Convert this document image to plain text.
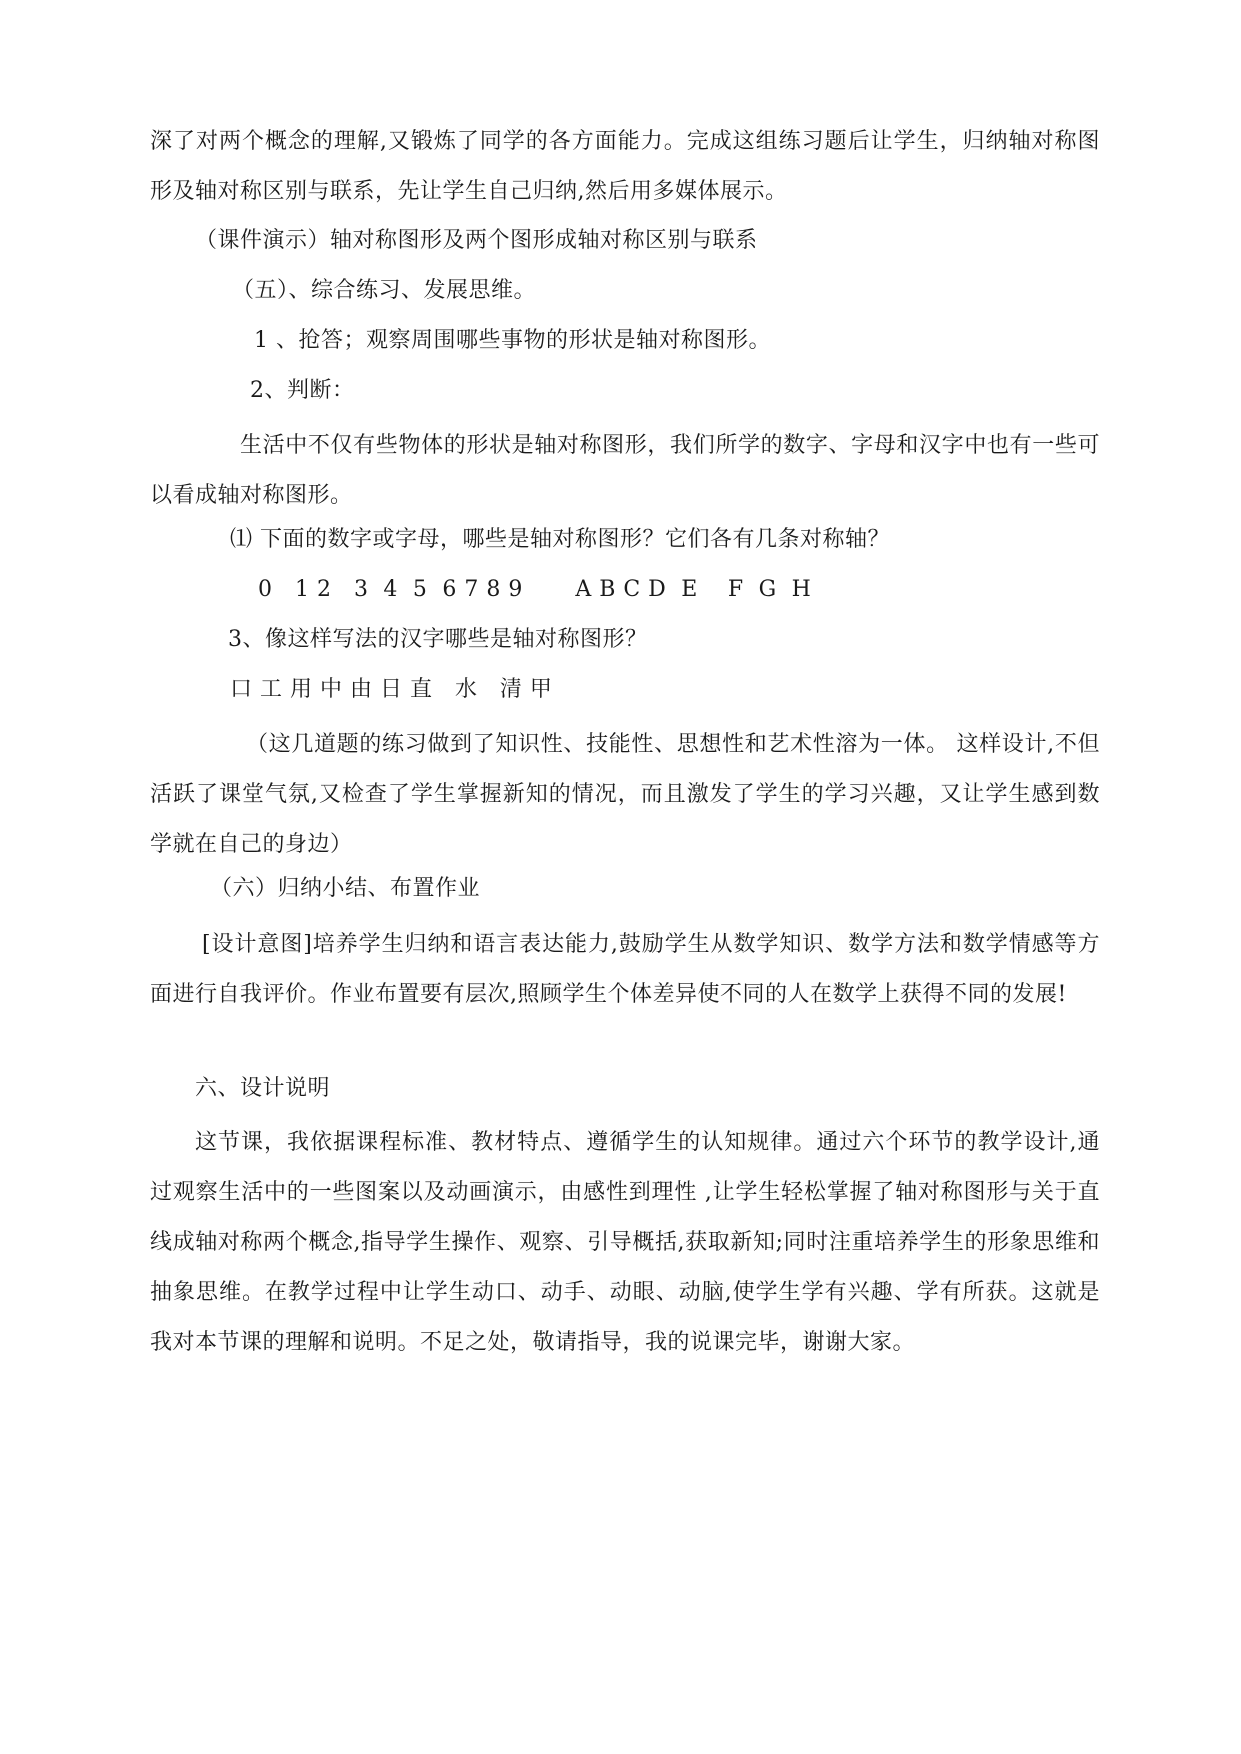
深了对两个概念的理解,又锻炼了同学的各方面能力。完成这组练习题后让学生，归纳轴对称图形及轴对称区别与联系，先让学生自己归纳,然后用多媒体展示。

（课件演示）轴对称图形及两个图形成轴对称区别与联系
（五）、综合练习、发展思维。
1 、抢答；观察周围哪些事物的形状是轴对称图形。
2、判断：

生活中不仅有些物体的形状是轴对称图形，我们所学的数字、字母和汉字中也有一些可以看成轴对称图形。

⑴ 下面的数字或字母，哪些是轴对称图形？它们各有几条对称轴？
0   1 2   3  4  5  6 7 8 9       A B C D  E    F  G  H
3、像这样写法的汉字哪些是轴对称图形？
口 工 用 中 由 日 直   水   清 甲

（这几道题的练习做到了知识性、技能性、思想性和艺术性溶为一体。 这样设计,不但活跃了课堂气氛,又检查了学生掌握新知的情况，而且激发了学生的学习兴趣，又让学生感到数学就在自己的身边）

（六）归纳小结、布置作业

[设计意图]培养学生归纳和语言表达能力,鼓励学生从数学知识、数学方法和数学情感等方面进行自我评价。作业布置要有层次,照顾学生个体差异使不同的人在数学上获得不同的发展!

六、设计说明

这节课，我依据课程标准、教材特点、遵循学生的认知规律。通过六个环节的教学设计,通过观察生活中的一些图案以及动画演示，由感性到理性 ,让学生轻松掌握了轴对称图形与关于直线成轴对称两个概念,指导学生操作、观察、引导概括,获取新知;同时注重培养学生的形象思维和抽象思维。在教学过程中让学生动口、动手、动眼、动脑,使学生学有兴趣、学有所获。这就是我对本节课的理解和说明。不足之处，敬请指导，我的说课完毕，谢谢大家。
